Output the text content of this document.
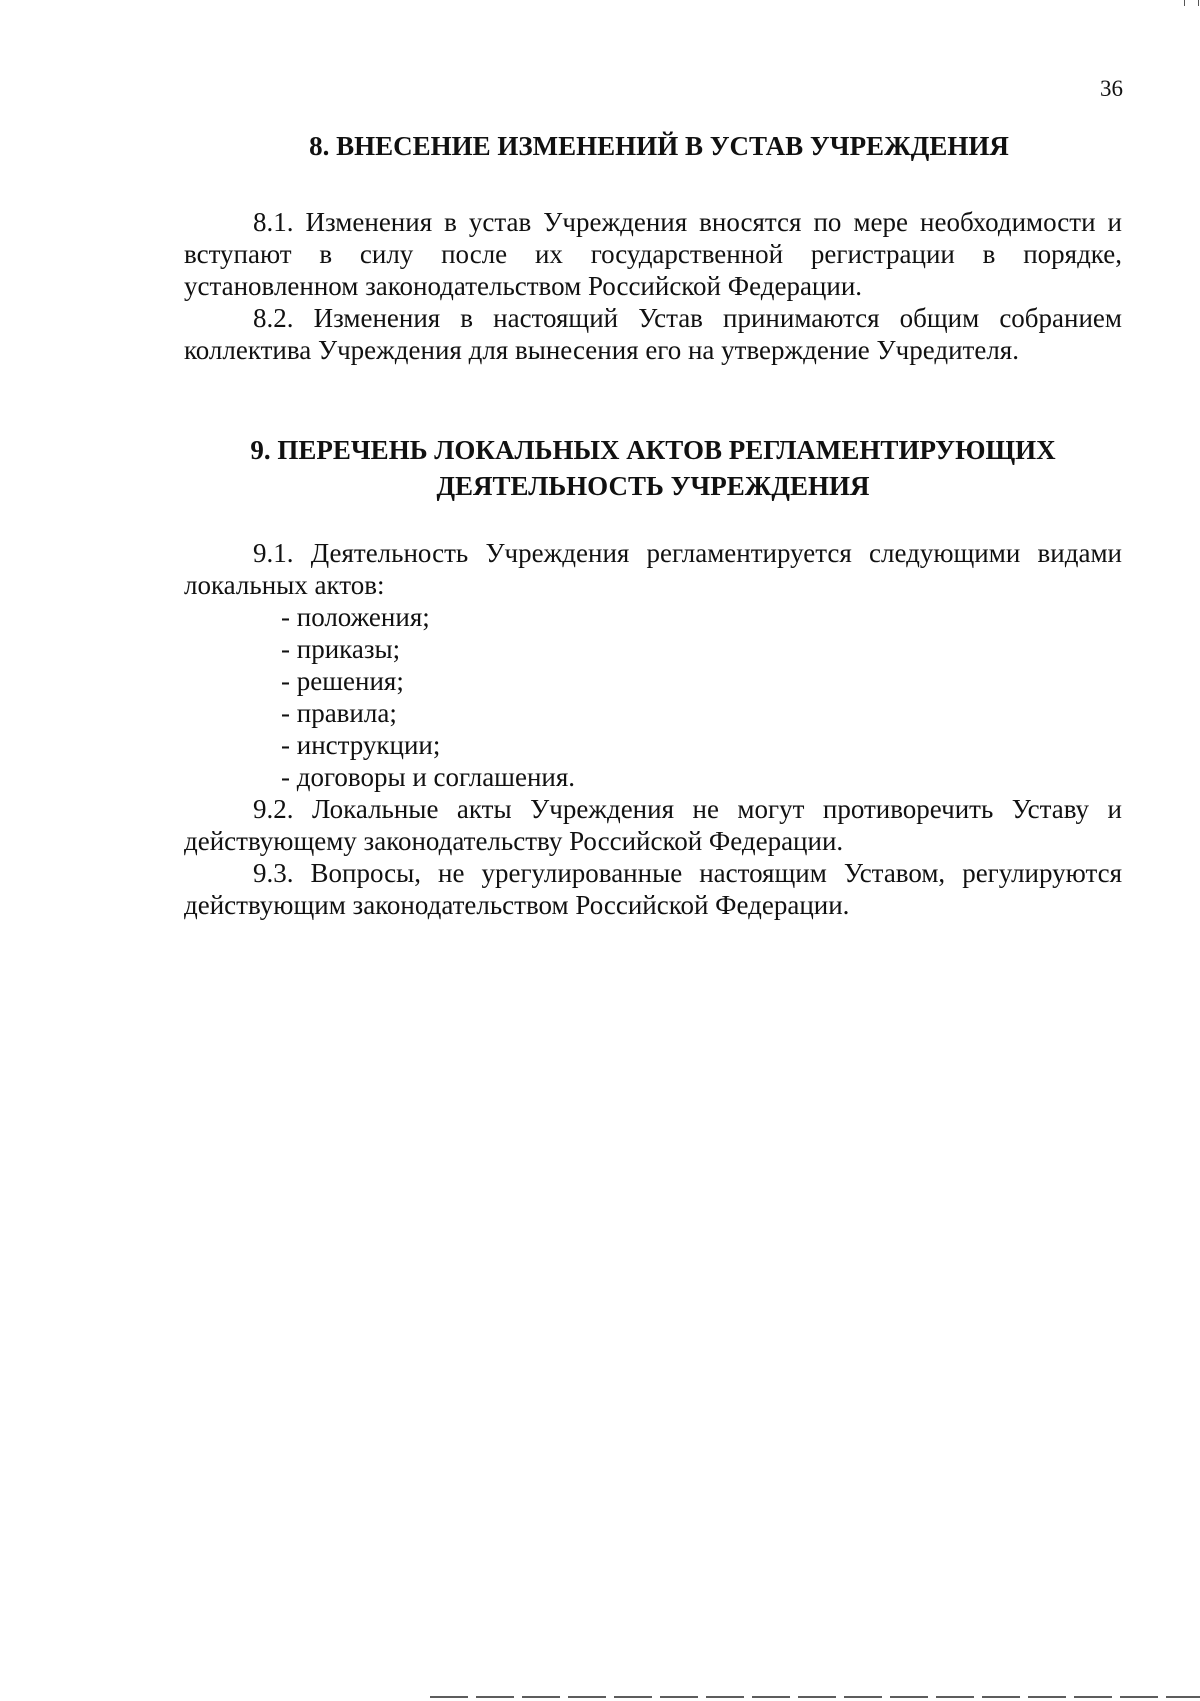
36
8. ВНЕСЕНИЕ ИЗМЕНЕНИЙ В УСТАВ УЧРЕЖДЕНИЯ

8.1. Изменения в устав Учреждения вносятся по мере необходимости и вступают в силу после их государственной регистрации в порядке, установленном законодательством Российской Федерации.

8.2. Изменения в настоящий Устав принимаются общим собранием коллектива Учреждения для вынесения его на утверждение Учредителя.

9. ПЕРЕЧЕНЬ ЛОКАЛЬНЫХ АКТОВ РЕГЛАМЕНТИРУЮЩИХ
ДЕЯТЕЛЬНОСТЬ УЧРЕЖДЕНИЯ

9.1. Деятельность Учреждения регламентируется следующими видами локальных актов:

- положения;
- приказы;
- решения;
- правила;
- инструкции;
- договоры и соглашения.

9.2. Локальные акты Учреждения не могут противоречить Уставу и действующему законодательству Российской Федерации.

9.3. Вопросы, не урегулированные настоящим Уставом, регулируются действующим законодательством Российской Федерации.
